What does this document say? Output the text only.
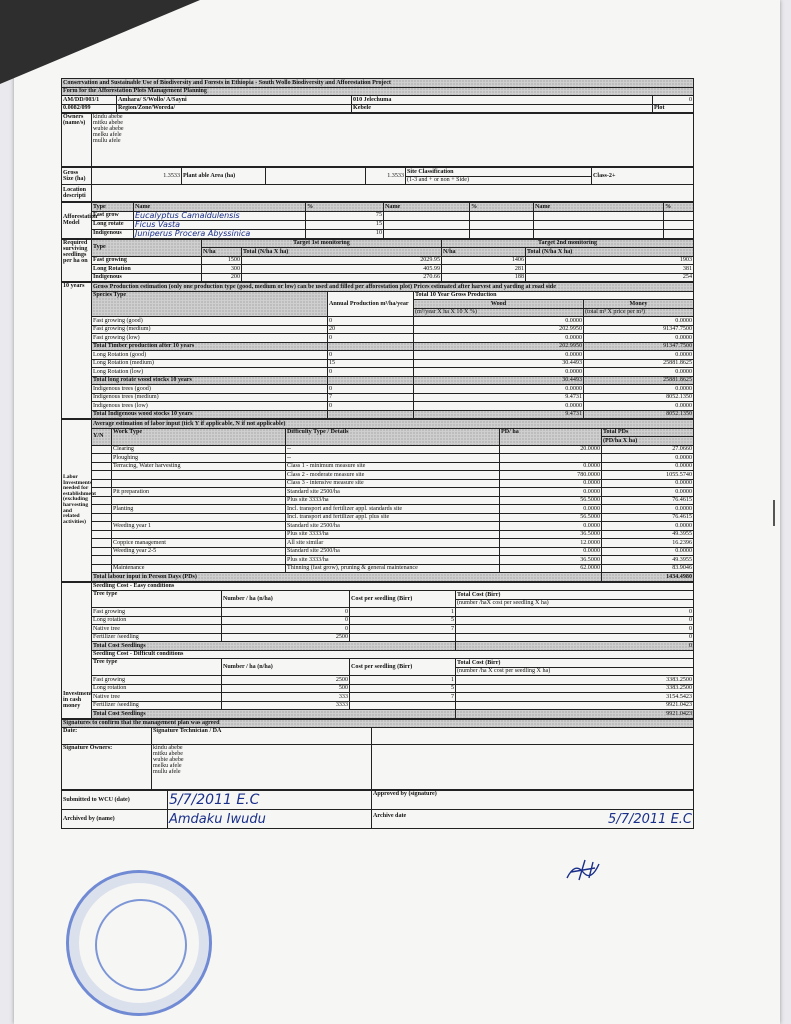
Conservation and Sustainable Use of Biodiversity and Forests in Ethiopia - South Wollo Biodiversity and Afforestation Project			
Form for the Afforestation Plots Management Planning			
AM/DD/003/1	Amhara/ S/Wollo/ A/Sayni	010 Jelechuma	0
0.0082/099	Region/Zone/Woreda/	Kebele	Plot
Owners (name/s)	
kindu abebe
mitku abebe
wubie abebe
melku afele
mullu afele
Gross Size (ha)	1.3533	Plant able Area (ha)		1.3533	Site Classification	Class-2+
					(1-3 and + or non + Side)	
Location descripti						
Afforestation Model	Type	Name	%	Name	%	Name	%
	Fast grow	Eucalyptus Camaldulensis	75				
	Long rotate	Ficus Vasta	15				
	Indigenous	Juniperus Procera Abyssinica	10				
Required surviving seedlings per ha on	Type	Target 1st monitoring		Target 2nd monitoring	
		N/ha	Total (N/ha X ha)	N/ha	Total (N/ha X ha)
	Fast growing	1500	2029.95	1406	1903
	Long Rotation	300	405.99	281	381
	Indigenous	200	270.66	188	254
10 years	Gross Production estimation (only one production type (good, medium or low) can be used and filled per afforestation plot) Prices estimated after harvest and yarding at road side			
	Species Type	Annual Production m³/ha/year	Total 10 Year Gross Production	
			Wood	Money
			(m³/year X ha X 10 X %)	(total m³ X price per m³)
	Fast growing (good)	0	0.0000	0.0000
	Fast growing (medium)	20	202.9950	91347.7500
	Fast growing (low)	0	0.0000	0.0000
	Total Timber production after 10 years		202.9950	91347.7500
	Long Rotation (good)	0	0.0000	0.0000
	Long Rotation (medium)	15	30.4493	25881.8625
	Long Rotation (low)	0	0.0000	0.0000
	Total long rotate wood stocks 10 years		30.4493	25881.8625
	Indigenous trees (good)	0	0.0000	0.0000
	Indigenous trees (medium)	7	9.4731	8052.1350
	Indigenous trees (low)	0	0.0000	0.0000
	Total Indigenous wood stocks 10 years		9.4731	8052.1350
Labor Investments needed for establishment (excluding harvesting and related activities)	Average estimation of labor input (tick Y if applicable, N if not applicable)				
	Y/N	Work Type	Difficulty Type / Details	PD/ ha	Total PDs
					(PD/ha X ha)
		Clearing	--	20.0000	27.0660
		Ploughing	--		0.0000
		Terracing, Water harvesting	Class 1 - minimum measure site	0.0000	0.0000
			Class 2 - moderate measure site	780.0000	1055.5740
			Class 3 - intensive measure site	0.0000	0.0000
		Pit preparation	Standard site 2500/ha	0.0000	0.0000
			Plus site 3333/ha	56.5000	76.4615
		Planting	Incl. transport and fertilizer appl. standards site	0.0000	0.0000
			Incl. transport and fertilizer appl. plus site	56.5000	76.4615
		Weeding year 1	Standard site 2500/ha	0.0000	0.0000
			Plus site 3333/ha	36.5000	49.3955
		Coppice management	All site similar	12.0000	16.2396
		Weeding year 2-5	Standard site 2500/ha	0.0000	0.0000
			Plus site 3333/ha	36.5000	49.3955
		Maintenance	Thinning (fast grow), pruning & general maintenance	62.0000	83.9046
	Total labour input in Person Days (PDs)				1434.4980
Investment in cash money	Seedling Cost - Easy conditions			
	Tree type	Number / ha (n/ha)	Cost per seedling (Birr)	Total Cost (Birr)
				(number /haX cost per seedling X ha)
	Fast growing	0	1	0
	Long rotation	0	5	0
	Native tree	0	7	0
	Fertilizer /seedling	2500		0
	Total Cost Seedlings			0
	Seedling Cost - Difficult conditions			
	Tree type	Number / ha (n/ha)	Cost per seedling (Birr)	Total Cost (Birr)
				(number /ha X cost per seedling X ha)
	Fast growing	2500	1	3383.2500
	Long rotation	500	5	3383.2500
	Native tree	333	7	3154.5423
	Fertilizer /seedling	3333		9921.0423
	Total Cost Seedlings			9921.0423
Signatures to confirm that the management plan was agreed		
Date:	Signature Technician / DA	
Signature Owners:	kindu abebe
mitku abebe
wubie abebe
melku afele
mullu afele	

Submitted to WCU (date)	5/7/2011 E.C	Approved by (signature)
Archived by (name)	Amdaku Iwudu	Archive date 5/7/2011 E.C
